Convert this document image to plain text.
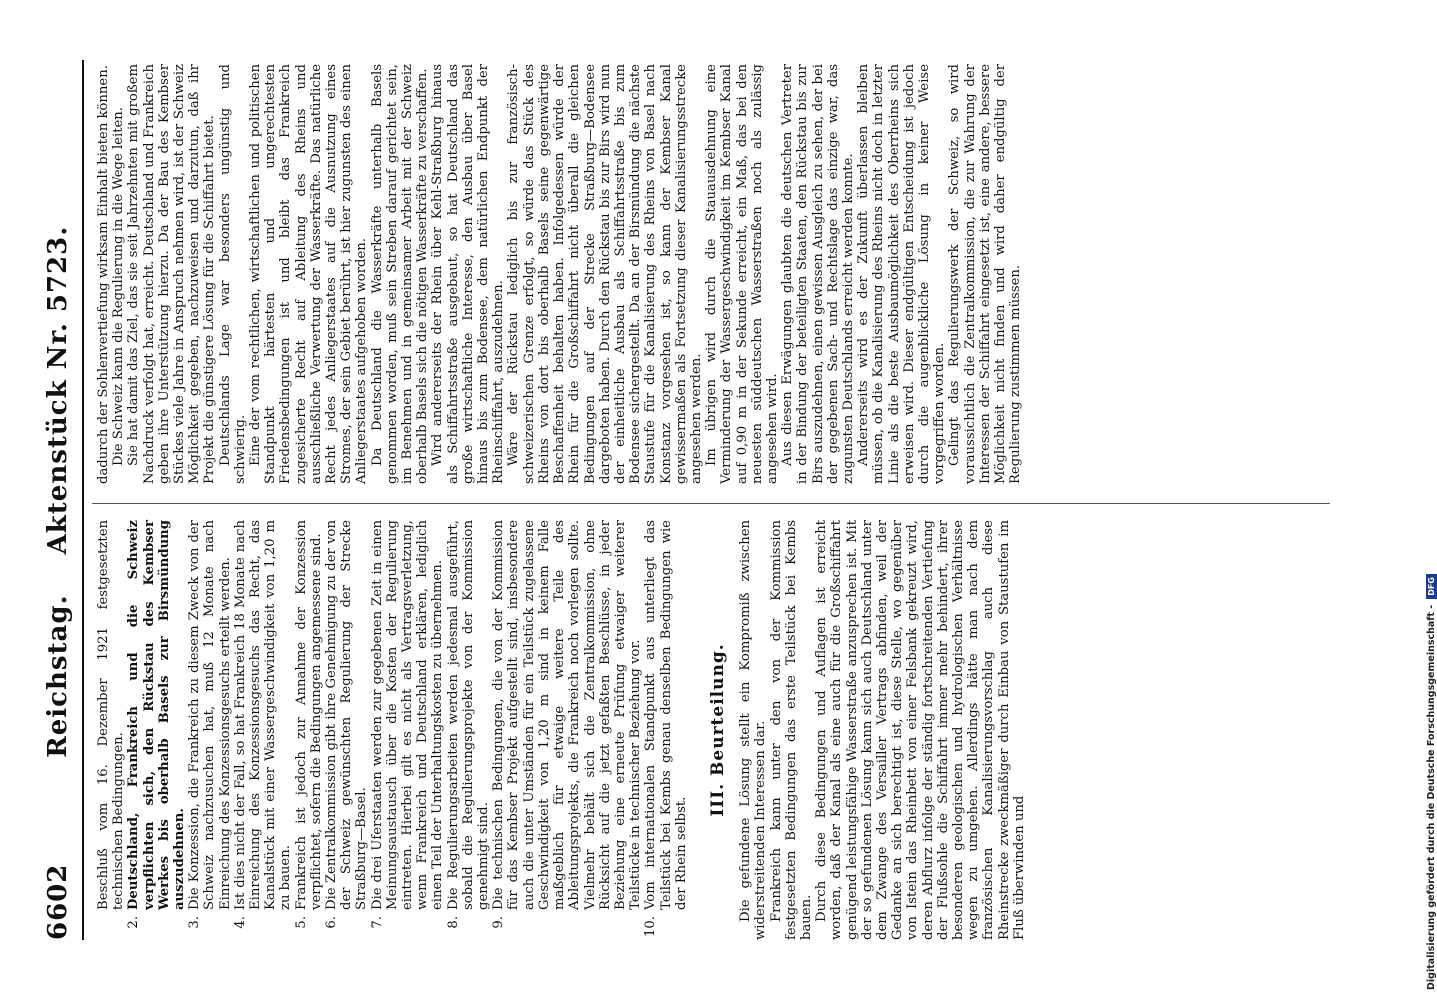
6602
Reichstag.
Aktenstück Nr. 5723.
Beschluß vom 16. Dezember 1921 festgesetzten technischen Bedingungen.
2.
Deutschland, Frankreich und die Schweiz verpflichten sich, den Rückstau des Kembser Werkes bis oberhalb Basels zur Birsmündung auszudehnen.
3.
Die Konzession, die Frankreich zu diesem Zweck von der Schweiz nachzusuchen hat, muß 12 Monate nach Einreichung des Konzessionsgesuchs erteilt werden.
4.
Ist dies nicht der Fall, so hat Frankreich 18 Monate nach Einreichung des Konzessionsgesuchs das Recht, das Kanalstück mit einer Wassergeschwindigkeit von 1,20 m zu bauen.
5.
Frankreich ist jedoch zur Annahme der Konzession verpflichtet, sofern die Bedingungen angemessene sind.
6.
Die Zentralkommission gibt ihre Genehmigung zu der von der Schweiz gewünschten Regulierung der Strecke Straßburg—Basel.
7.
Die drei Uferstaaten werden zur gegebenen Zeit in einen Meinungsaustausch über die Kosten der Regulierung eintreten. Hierbei gilt es nicht als Vertragsverletzung, wenn Frankreich und Deutschland erklären, lediglich einen Teil der Unterhaltungskosten zu übernehmen.
8.
Die Regulierungsarbeiten werden jedesmal ausgeführt, sobald die Regulierungsprojekte von der Kommission genehmigt sind.
9.
Die technischen Bedingungen, die von der Kommission für das Kembser Projekt aufgestellt sind, insbesondere auch die unter Umständen für ein Teilstück zugelassene Geschwindigkeit von 1,20 m sind in keinem Falle maßgeblich für etwaige weitere Teile des Ableitungsprojekts, die Frankreich noch vorlegen sollte. Vielmehr behält sich die Zentralkommission, ohne Rücksicht auf die jetzt gefaßten Beschlüsse, in jeder Beziehung eine erneute Prüfung etwaiger weiterer Teilstücke in technischer Beziehung vor.
10.
Vom internationalen Standpunkt aus unterliegt das Teilstück bei Kembs genau denselben Bedingungen wie der Rhein selbst.
III. Beurteilung. Die gefundene Lösung stellt ein Kompromiß zwischen widerstreitenden Interessen dar. Frankreich kann unter den von der Kommission festgesetzten Bedingungen das erste Teilstück bei Kembs bauen. Durch diese Bedingungen und Auflagen ist erreicht worden, daß der Kanal als eine auch für die Großschiffahrt genügend leistungsfähige Wasserstraße anzusprechen ist. Mit der so gefundenen Lösung kann sich auch Deutschland unter dem Zwange des Versailler Vertrags abfinden, weil der Gedanke an sich berechtigt ist, diese Stelle, wo gegenüber von Istein das Rheinbett von einer Felsbank gekreuzt wird, deren Abflurz infolge der ständig fortschreitenden Vertiefung der Flußsohle die Schiffahrt immer mehr behindert, ihrer besonderen geologischen und hydrologischen Verhältnisse wegen zu umgehen. Allerdings hätte man nach dem französischen Kanalisierungsvorschlag auch diese Rheinstrecke zweckmäßiger durch Einbau von Staustufen im Fluß überwinden und

dadurch der Sohlenvertiefung wirksam Einhalt bieten können. Die Schweiz kann die Regulierung in die Wege leiten. Sie hat damit das Ziel, das sie seit Jahrzehnten mit großem Nachdruck verfolgt hat, erreicht. Deutschland und Frankreich geben ihre Unterstützung hierzu. Da der Bau des Kembser Stückes viele Jahre in Anspruch nehmen wird, ist der Schweiz Möglichkeit gegeben, nachzuweisen und darzutun, daß ihr Projekt die günstigere Lösung für die Schiffahrt bietet. Deutschlands Lage war besonders ungünstig und schwierig. Eine der vom rechtlichen, wirtschaftlichen und politischen Standpunkt härtesten und ungerechtesten Friedensbedingungen ist und bleibt das Frankreich zugesicherte Recht auf Ableitung des Rheins und ausschließliche Verwertung der Wasserkräfte. Das natürliche Recht jedes Anliegerstaates auf die Ausnutzung eines Stromes, der sein Gebiet berührt, ist hier zugunsten des einen Anliegerstaates aufgehoben worden. Da Deutschland die Wasserkräfte unterhalb Basels genommen worden, muß sein Streben darauf gerichtet sein, im Benehmen und in gemeinsamer Arbeit mit der Schweiz oberhalb Basels sich die nötigen Wasserkräfte zu verschaffen. Wird andererseits der Rhein über Kehl-Straßburg hinaus als Schiffahrtsstraße ausgebaut, so hat Deutschland das große wirtschaftliche Interesse, den Ausbau über Basel hinaus bis zum Bodensee, dem natürlichen Endpunkt der Rheinschiffahrt, auszudehnen. Wäre der Rückstau lediglich bis zur französisch-schweizerischen Grenze erfolgt, so würde das Stück des Rheins von dort bis oberhalb Basels seine gegenwärtige Beschaffenheit behalten haben. Infolgedessen würde der Rhein für die Großschiffahrt nicht überall die gleichen Bedingungen auf der Strecke Straßburg—Bodensee dargeboten haben. Durch den Rückstau bis zur Birs wird nun der einheitliche Ausbau als Schiffahrtsstraße bis zum Bodensee sichergestellt. Da an der Birsmündung die nächste Staustufe für die Kanalisierung des Rheins von Basel nach Konstanz vorgesehen ist, so kann der Kembser Kanal gewissermaßen als Fortsetzung dieser Kanalisierungsstrecke angesehen werden. Im übrigen wird durch die Stauausdehnung eine Verminderung der Wassergeschwindigkeit im Kembser Kanal auf 0,90 m in der Sekunde erreicht, ein Maß, das bei den neuesten süddeutschen Wasserstraßen noch als zulässig angesehen wird. Aus diesen Erwägungen glaubten die deutschen Vertreter in der Bindung der beteiligten Staaten, den Rückstau bis zur Birs auszudehnen, einen gewissen Ausgleich zu sehen, der bei der gegebenen Sach- und Rechtslage das einzige war, das zugunsten Deutschlands erreicht werden konnte. Andererseits wird es der Zukunft überlassen bleiben müssen, ob die Kanalisierung des Rheins nicht doch in letzter Linie als die beste Ausbaumöglichkeit des Oberrheins sich erweisen wird. Dieser endgültigen Entscheidung ist jedoch durch die augenblickliche Lösung in keiner Weise vorgegriffen worden. Gelingt das Regulierungswerk der Schweiz, so wird voraussichtlich die Zentralkommission, die zur Wahrung der Interessen der Schiffahrt eingesetzt ist, eine andere, bessere Möglichkeit nicht finden und wird daher endgültig der Regulierung zustimmen müssen.

Digitalisierung gefördert durch die Deutsche Forschungsgemeinschaft -
DFG
